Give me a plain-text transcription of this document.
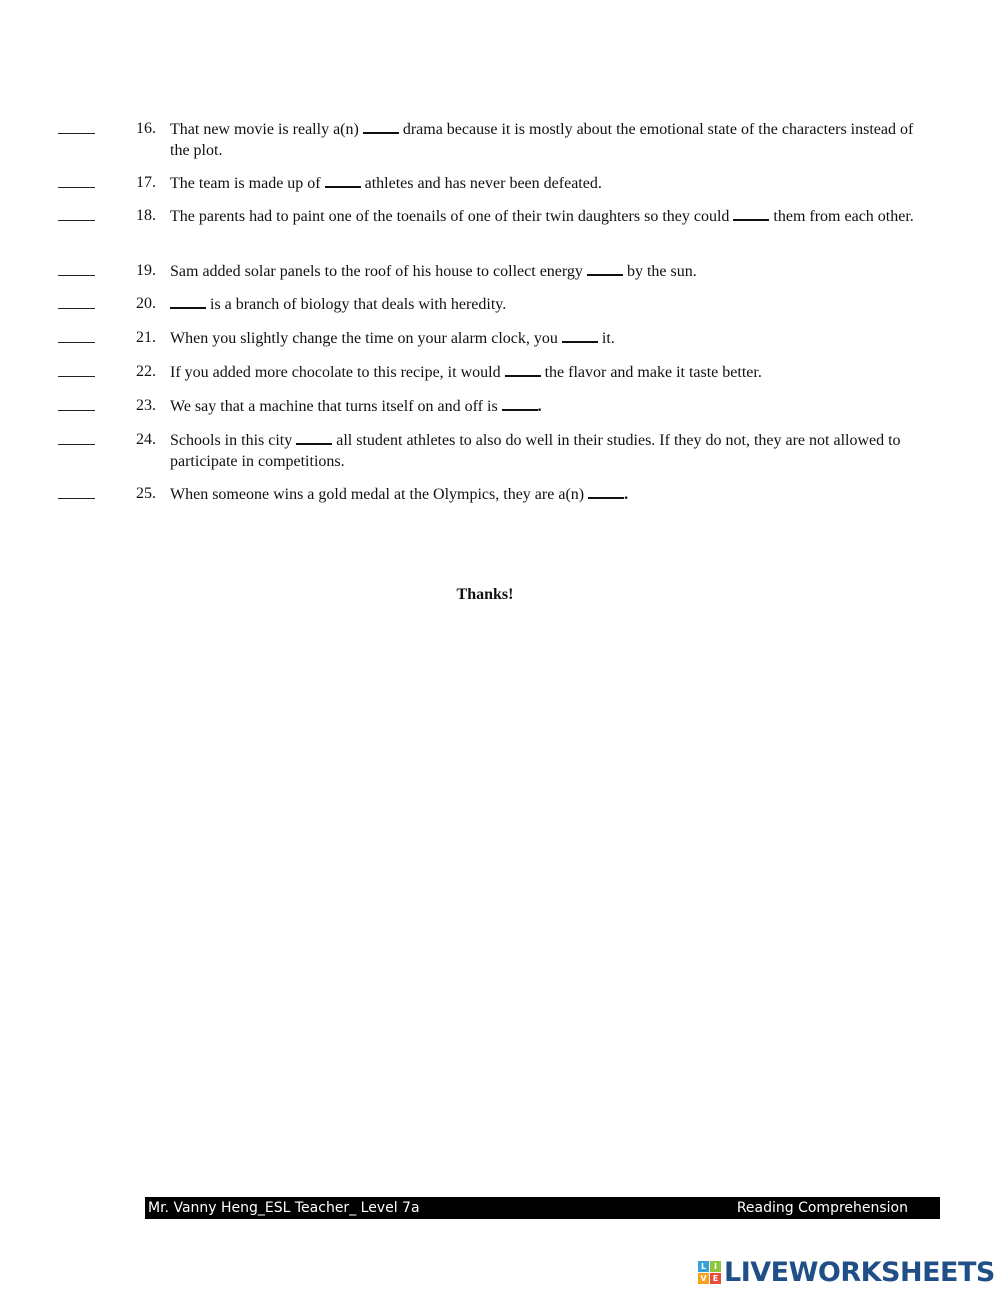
16. That new movie is really a(n)	drama because it is mostly about the emotional state of the characters instead of the plot.
17. The team is made up of	athletes and has never been defeated.
18. The parents had to paint one of the toenails of one of their twin daughters so they could	them from each other.
19. Sam added solar panels to the roof of his house to collect energy	by the sun.
20.	is a branch of biology that deals with heredity.
21. When you slightly change the time on your alarm clock, you	it.
22. If you added more chocolate to this recipe, it would	the flavor and make it taste better.
23. We say that a machine that turns itself on and off is	.
24. Schools in this city	all student athletes to also do well in their studies. If they do not, they are not allowed to participate in competitions.
25. When someone wins a gold medal at the Olympics, they are a(n)	.
Thanks!
Mr. Vanny Heng_ESL Teacher_ Level 7a	Reading Comprehension
L I
V E LIVEWORKSHEETS
